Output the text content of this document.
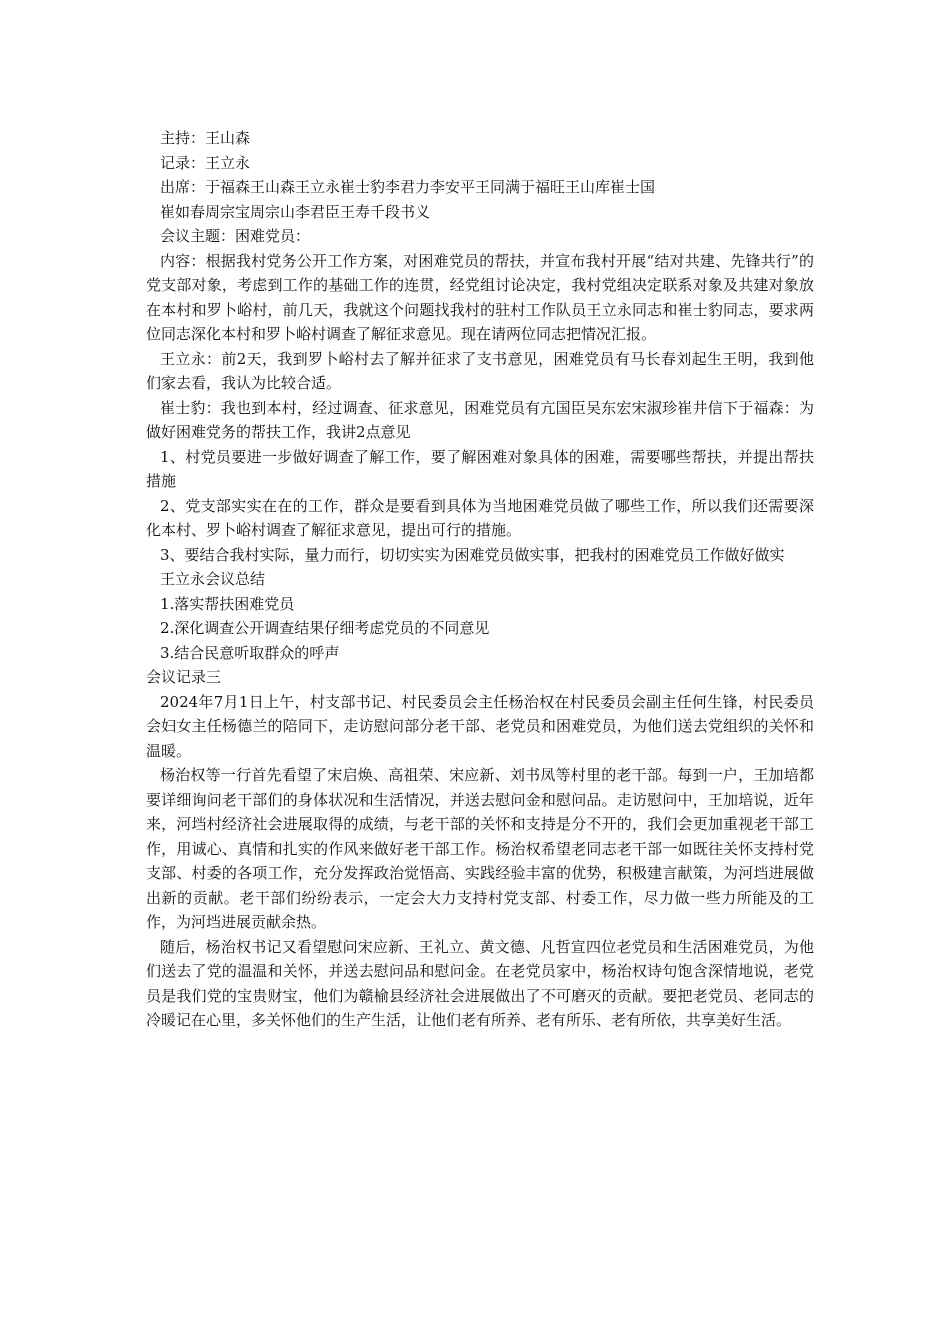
主持：王山森

记录：王立永

出席：于福森王山森王立永崔士豹李君力李安平王同满于福旺王山库崔士国

崔如春周宗宝周宗山李君臣王寿千段书义

会议主题：困难党员：

内容：根据我村党务公开工作方案，对困难党员的帮扶，并宣布我村开展“结对共建、先锋共行”的党支部对象，考虑到工作的基础工作的连贯，经党组讨论决定，我村党组决定联系对象及共建对象放在本村和罗卜峪村，前几天，我就这个问题找我村的驻村工作队员王立永同志和崔士豹同志，要求两位同志深化本村和罗卜峪村调查了解征求意见。现在请两位同志把情况汇报。

王立永：前2天，我到罗卜峪村去了解并征求了支书意见，困难党员有马长春刘起生王明，我到他们家去看，我认为比较合适。

崔士豹：我也到本村，经过调查、征求意见，困难党员有亢国臣吴东宏宋淑珍崔井信下于福森：为做好困难党务的帮扶工作，我讲2点意见

1、村党员要进一步做好调查了解工作，要了解困难对象具体的困难，需要哪些帮扶，并提出帮扶措施

2、党支部实实在在的工作，群众是要看到具体为当地困难党员做了哪些工作，所以我们还需要深化本村、罗卜峪村调查了解征求意见，提出可行的措施。

3、要结合我村实际，量力而行，切切实实为困难党员做实事，把我村的困难党员工作做好做实

王立永会议总结

1.落实帮扶困难党员

2.深化调查公开调查结果仔细考虑党员的不同意见

3.结合民意听取群众的呼声

会议记录三

2024年7月1日上午，村支部书记、村民委员会主任杨治权在村民委员会副主任何生锋，村民委员会妇女主任杨德兰的陪同下，走访慰问部分老干部、老党员和困难党员，为他们送去党组织的关怀和温暖。

杨治权等一行首先看望了宋启焕、高祖荣、宋应新、刘书凤等村里的老干部。每到一户，王加培都要详细询问老干部们的身体状况和生活情况，并送去慰问金和慰问品。走访慰问中，王加培说，近年来，河垱村经济社会进展取得的成绩，与老干部的关怀和支持是分不开的，我们会更加重视老干部工作，用诚心、真情和扎实的作风来做好老干部工作。杨治权希望老同志老干部一如既往关怀支持村党支部、村委的各项工作，充分发挥政治觉悟高、实践经验丰富的优势，积极建言献策，为河垱进展做出新的贡献。老干部们纷纷表示，一定会大力支持村党支部、村委工作，尽力做一些力所能及的工作，为河垱进展贡献余热。

随后，杨治权书记又看望慰问宋应新、王礼立、黄文德、凡哲宣四位老党员和生活困难党员，为他们送去了党的温温和关怀，并送去慰问品和慰问金。在老党员家中，杨治权诗句饱含深情地说，老党员是我们党的宝贵财宝，他们为赣榆县经济社会进展做出了不可磨灭的贡献。要把老党员、老同志的冷暖记在心里，多关怀他们的生产生活，让他们老有所养、老有所乐、老有所依，共享美好生活。
